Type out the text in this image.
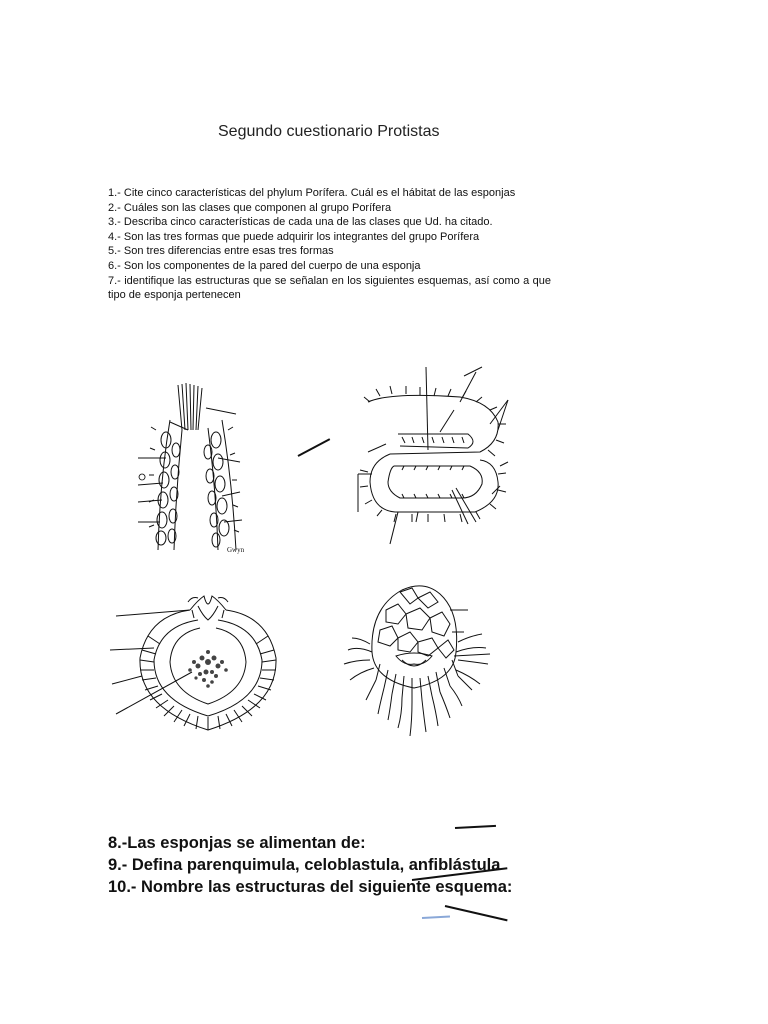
Segundo cuestionario Protistas

1.- Cite cinco características del phylum Porífera. Cuál es el hábitat de las esponjas

2.- Cuáles son las clases que componen al grupo Porífera

3.- Describa cinco características de cada una de las clases que Ud. ha citado.

4.- Son las tres formas que puede adquirir los integrantes del grupo Porífera

5.- Son tres diferencias entre esas tres formas

6.- Son los componentes de la pared del cuerpo de una esponja

7.- identifique las estructuras que se señalan en los siguientes esquemas, así como a que tipo de esponja pertenecen

Gwyn
8.-Las esponjas se alimentan de:
9.- Defina parenquimula, celoblastula, anfiblástula
10.- Nombre las estructuras del siguiente esquema:
